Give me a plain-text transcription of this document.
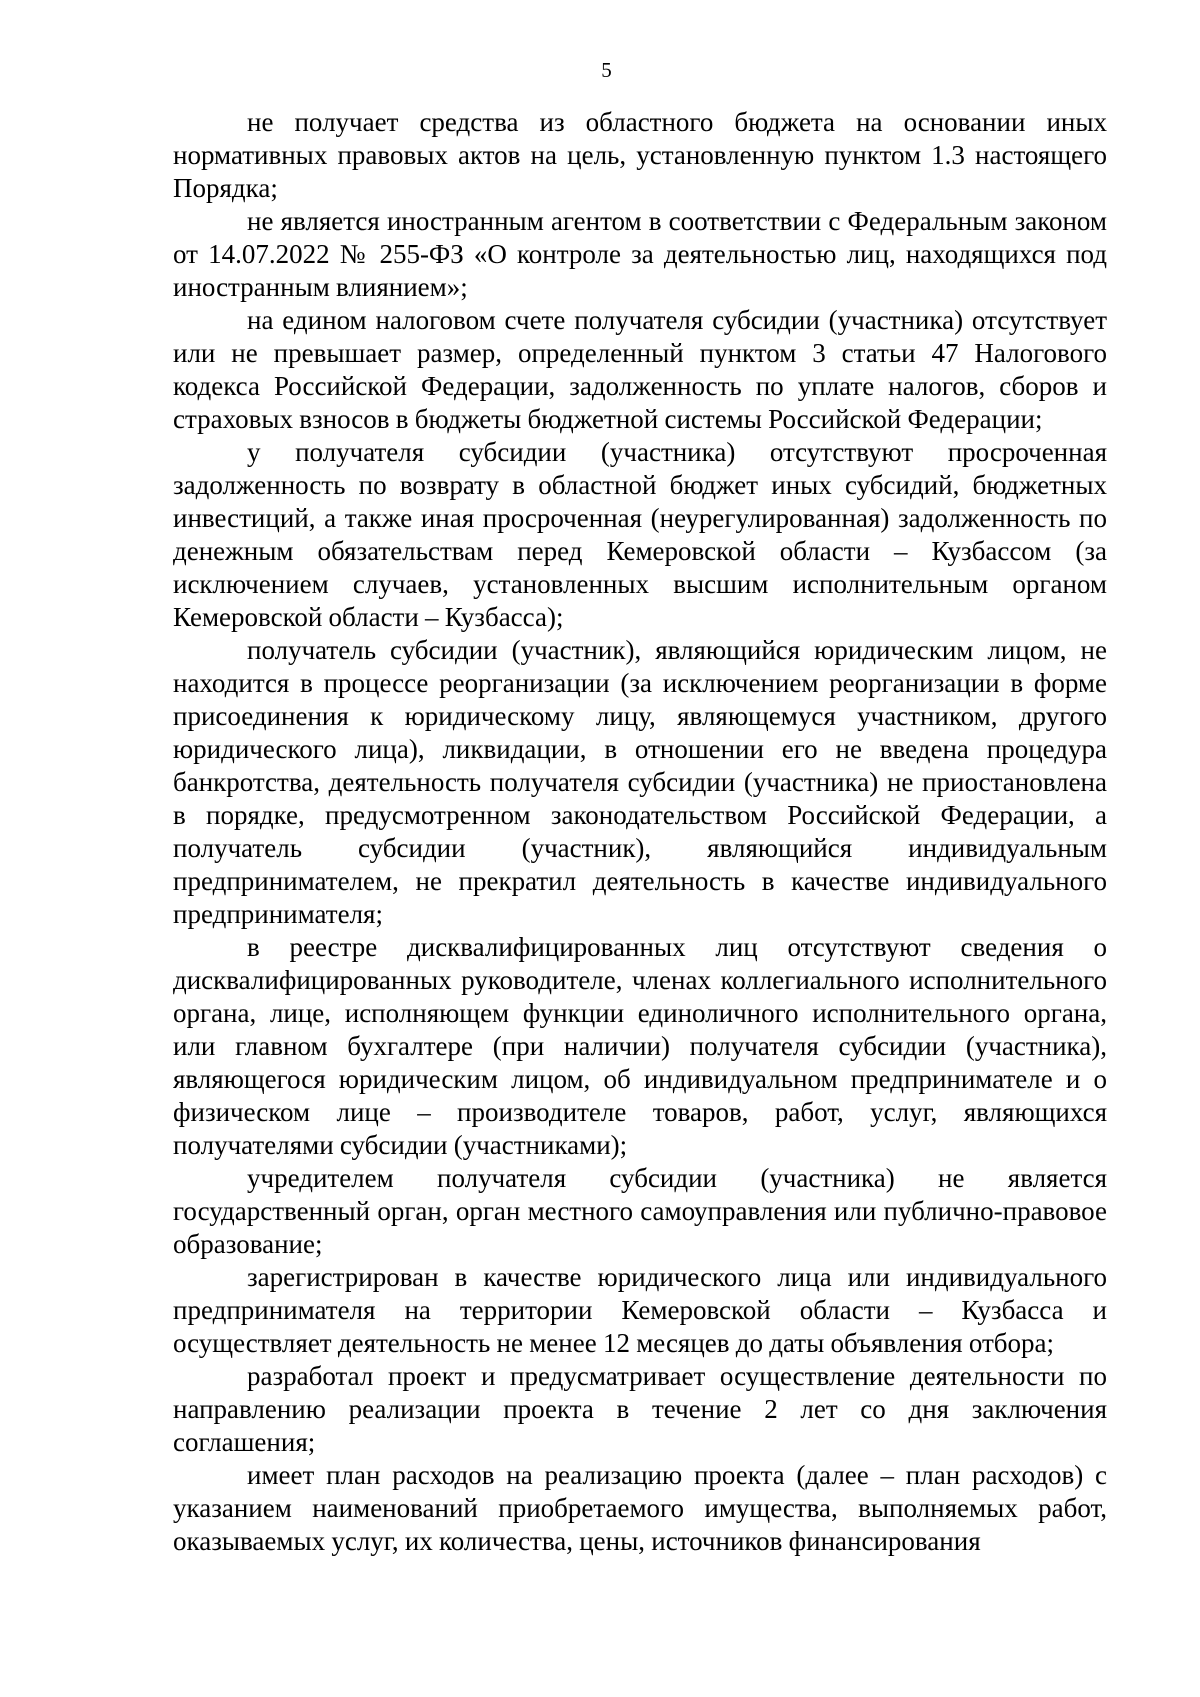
5

не получает средства из областного бюджета на основании иных нормативных правовых актов на цель, установленную пунктом 1.3 настоящего Порядка;

не является иностранным агентом в соответствии с Федеральным законом от 14.07.2022 № 255-ФЗ «О контроле за деятельностью лиц, находящихся под иностранным влиянием»;

на едином налоговом счете получателя субсидии (участника) отсутствует или не превышает размер, определенный пунктом 3 статьи 47 Налогового кодекса Российской Федерации, задолженность по уплате налогов, сборов и страховых взносов в бюджеты бюджетной системы Российской Федерации;

у получателя субсидии (участника) отсутствуют просроченная задолженность по возврату в областной бюджет иных субсидий, бюджетных инвестиций, а также иная просроченная (неурегулированная) задолженность по денежным обязательствам перед Кемеровской области – Кузбассом (за исключением случаев, установленных высшим исполнительным органом Кемеровской области – Кузбасса);

получатель субсидии (участник), являющийся юридическим лицом, не находится в процессе реорганизации (за исключением реорганизации в форме присоединения к юридическому лицу, являющемуся участником, другого юридического лица), ликвидации, в отношении его не введена процедура банкротства, деятельность получателя субсидии (участника) не приостановлена в порядке, предусмотренном законодательством Российской Федерации, а получатель субсидии (участник), являющийся индивидуальным предпринимателем, не прекратил деятельность в качестве индивидуального предпринимателя;

в реестре дисквалифицированных лиц отсутствуют сведения о дисквалифицированных руководителе, членах коллегиального исполнительного органа, лице, исполняющем функции единоличного исполнительного органа, или главном бухгалтере (при наличии) получателя субсидии (участника), являющегося юридическим лицом, об индивидуальном предпринимателе и о физическом лице – производителе товаров, работ, услуг, являющихся получателями субсидии (участниками);

учредителем получателя субсидии (участника) не является государственный орган, орган местного самоуправления или публично-правовое образование;

зарегистрирован в качестве юридического лица или индивидуального предпринимателя на территории Кемеровской области – Кузбасса и осуществляет деятельность не менее 12 месяцев до даты объявления отбора;

разработал проект и предусматривает осуществление деятельности по направлению реализации проекта в течение 2 лет со дня заключения соглашения;

имеет план расходов на реализацию проекта (далее – план расходов) с указанием наименований приобретаемого имущества, выполняемых работ, оказываемых услуг, их количества, цены, источников финансирования
